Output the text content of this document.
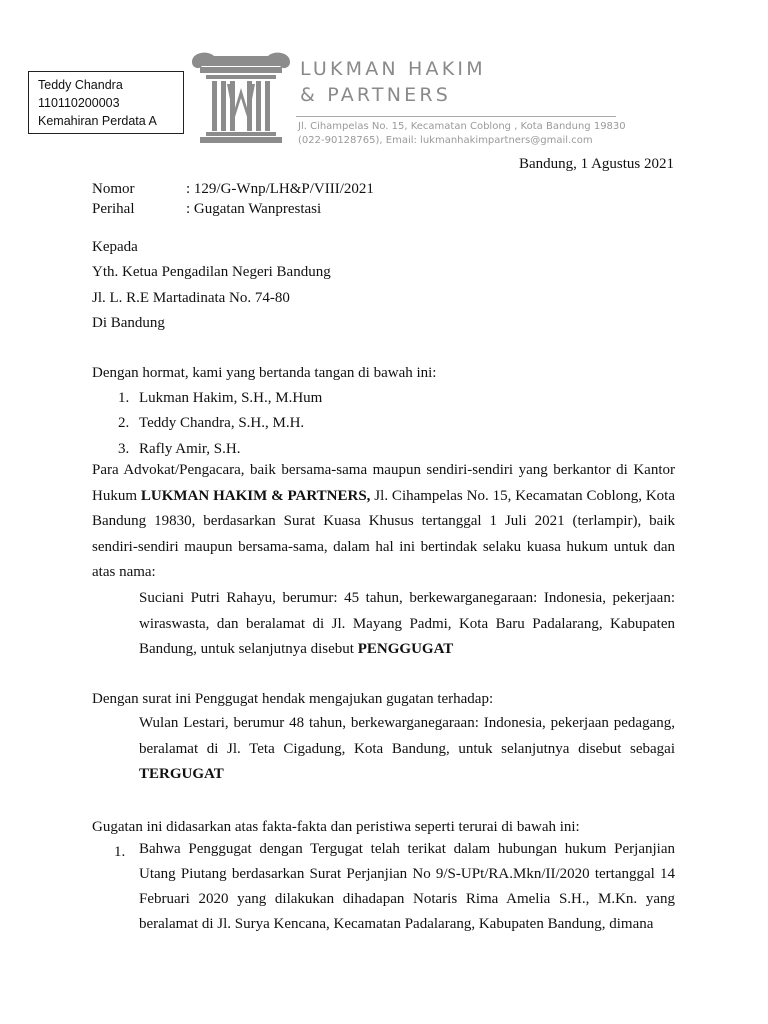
Teddy Chandra
110110200003
Kemahiran Perdata A
LUKMAN HAKIM
& PARTNERS
Jl. Cihampelas No. 15, Kecamatan Coblong , Kota Bandung 19830
(022-90128765), Email: lukmanhakimpartners@gmail.com
Bandung, 1 Agustus 2021
Nomor	: 129/G-Wnp/LH&P/VIII/2021
Perihal	: Gugatan Wanprestasi
Kepada
Yth. Ketua Pengadilan Negeri Bandung
Jl. L. R.E Martadinata No. 74-80
Di Bandung
Dengan hormat, kami yang bertanda tangan di bawah ini:
1. Lukman Hakim, S.H., M.Hum
2. Teddy Chandra, S.H., M.H.
3. Rafly Amir, S.H.
Para Advokat/Pengacara, baik bersama-sama maupun sendiri-sendiri yang berkantor di Kantor Hukum LUKMAN HAKIM & PARTNERS, Jl. Cihampelas No. 15, Kecamatan Coblong, Kota Bandung 19830, berdasarkan Surat Kuasa Khusus tertanggal 1 Juli 2021 (terlampir), baik sendiri-sendiri maupun bersama-sama, dalam hal ini bertindak selaku kuasa hukum untuk dan atas nama:
Suciani Putri Rahayu, berumur: 45 tahun, berkewarganegaraan: Indonesia, pekerjaan: wiraswasta, dan beralamat di Jl. Mayang Padmi, Kota Baru Padalarang, Kabupaten Bandung, untuk selanjutnya disebut PENGGUGAT
Dengan surat ini Penggugat hendak mengajukan gugatan terhadap:
Wulan Lestari, berumur 48 tahun, berkewarganegaraan: Indonesia, pekerjaan pedagang, beralamat di Jl. Teta Cigadung, Kota Bandung, untuk selanjutnya disebut sebagai TERGUGAT
Gugatan ini didasarkan atas fakta-fakta dan peristiwa seperti terurai di bawah ini:
1. Bahwa Penggugat dengan Tergugat telah terikat dalam hubungan hukum Perjanjian Utang Piutang berdasarkan Surat Perjanjian No 9/S-UPt/RA.Mkn/II/2020 tertanggal 14 Februari 2020 yang dilakukan dihadapan Notaris Rima Amelia S.H., M.Kn. yang beralamat di Jl. Surya Kencana, Kecamatan Padalarang, Kabupaten Bandung, dimana
